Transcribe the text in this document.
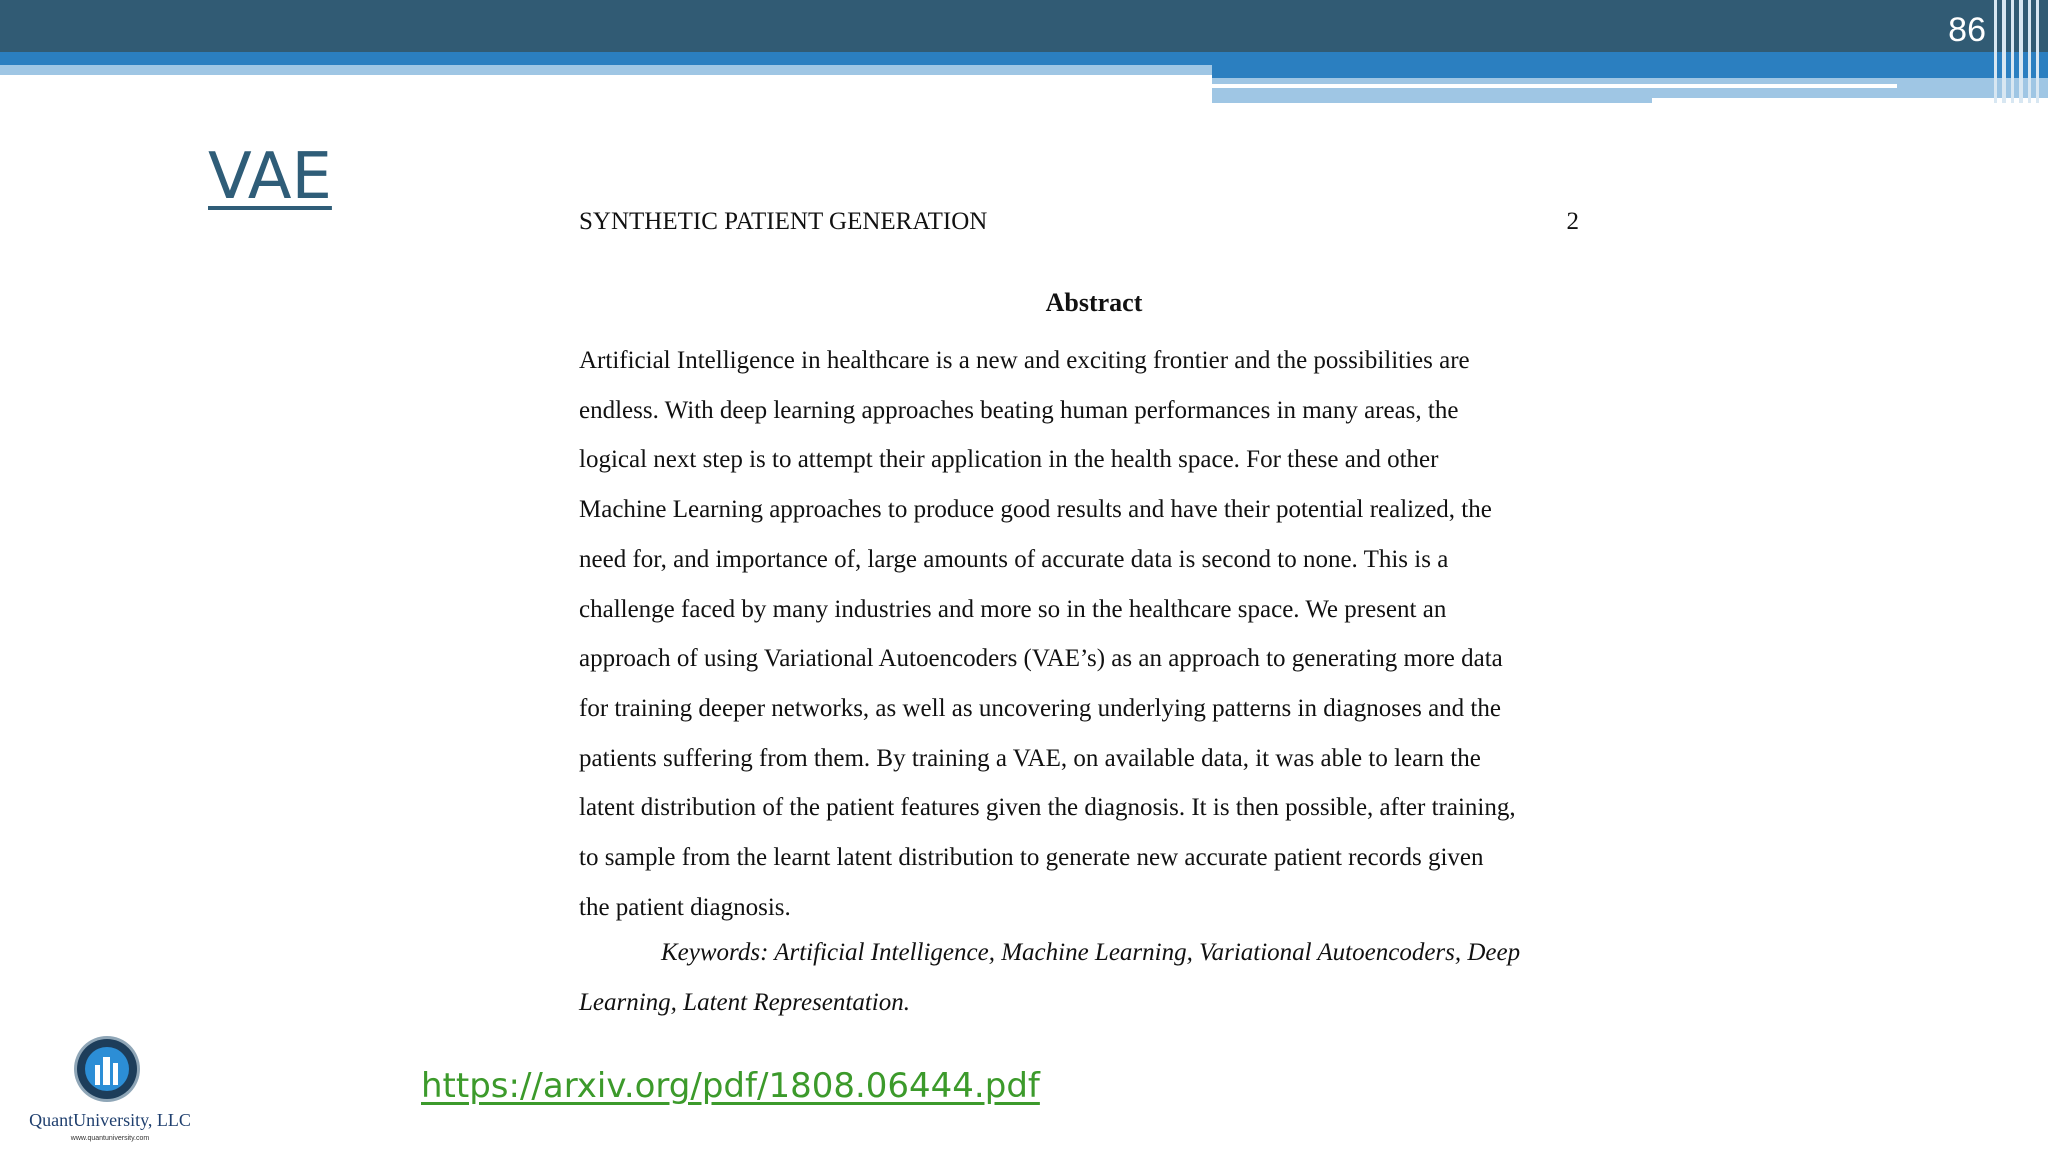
86
VAE
SYNTHETIC PATIENT GENERATION	2
Abstract
Artificial Intelligence in healthcare is a new and exciting frontier and the possibilities are
endless. With deep learning approaches beating human performances in many areas, the
logical next step is to attempt their application in the health space. For these and other
Machine Learning approaches to produce good results and have their potential realized, the
need for, and importance of, large amounts of accurate data is second to none. This is a
challenge faced by many industries and more so in the healthcare space. We present an
approach of using Variational Autoencoders (VAE’s) as an approach to generating more data
for training deeper networks, as well as uncovering underlying patterns in diagnoses and the
patients suffering from them. By training a VAE, on available data, it was able to learn the
latent distribution of the patient features given the diagnosis. It is then possible, after training,
to sample from the learnt latent distribution to generate new accurate patient records given
the patient diagnosis.
Keywords: Artificial Intelligence, Machine Learning, Variational Autoencoders, Deep
Learning, Latent Representation.
https://arxiv.org/pdf/1808.06444.pdf
QuantUniversity, LLC
www.quantuniversity.com
